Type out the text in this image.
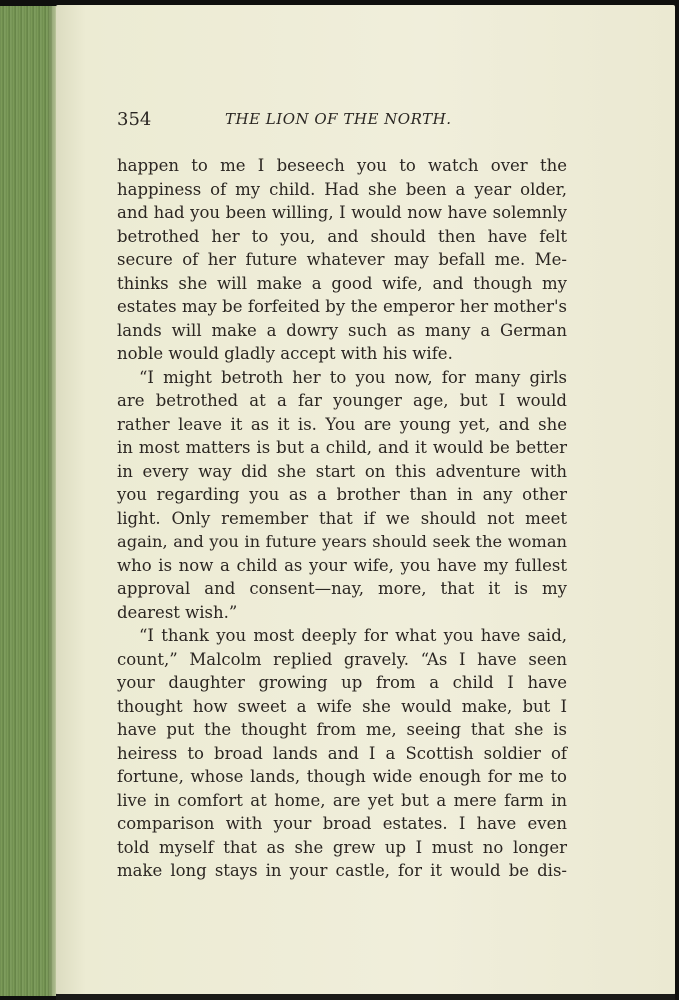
354	THE LION OF THE NORTH.
happen to me I beseech you to watch over the
happiness of my child. Had she been a year older,
and had you been willing, I would now have solemnly
betrothed her to you, and should then have felt
secure of her future whatever may befall me. Me-
thinks she will make a good wife, and though my
estates may be forfeited by the emperor her mother's
lands will make a dowry such as many a German
noble would gladly accept with his wife.
“I might betroth her to you now, for many girls
are betrothed at a far younger age, but I would
rather leave it as it is. You are young yet, and she
in most matters is but a child, and it would be better
in every way did she start on this adventure with
you regarding you as a brother than in any other
light. Only remember that if we should not meet
again, and you in future years should seek the woman
who is now a child as your wife, you have my fullest
approval and consent—nay, more, that it is my
dearest wish.”
“I thank you most deeply for what you have said,
count,” Malcolm replied gravely. “As I have seen
your daughter growing up from a child I have
thought how sweet a wife she would make, but I
have put the thought from me, seeing that she is
heiress to broad lands and I a Scottish soldier of
fortune, whose lands, though wide enough for me to
live in comfort at home, are yet but a mere farm in
comparison with your broad estates. I have even
told myself that as she grew up I must no longer
make long stays in your castle, for it would be dis-
